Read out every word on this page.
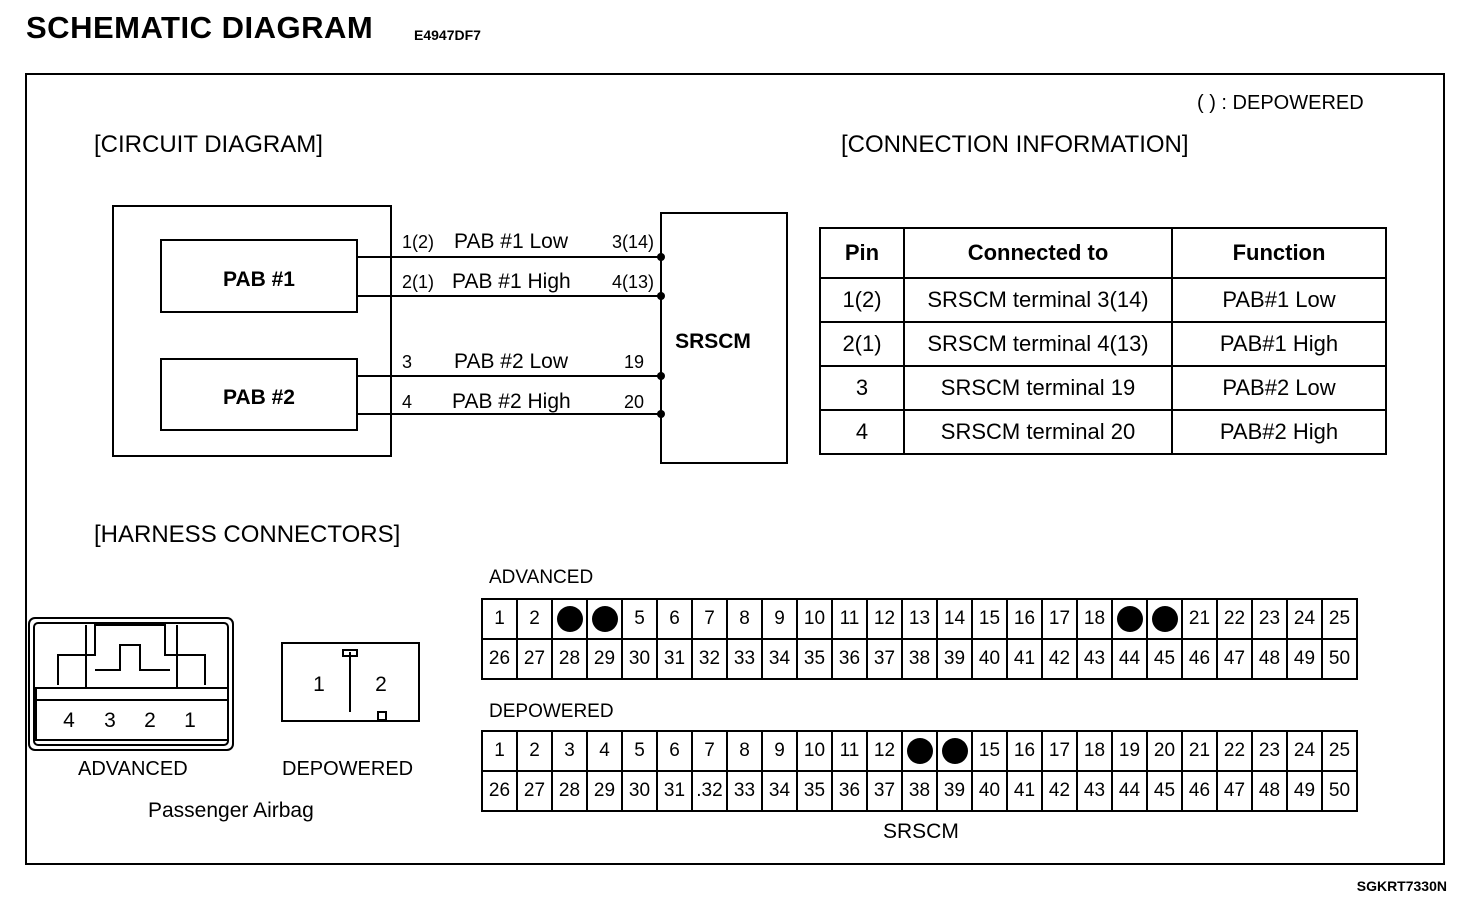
SCHEMATIC DIAGRAM	E4947DF7
( ) : DEPOWERED
[CIRCUIT DIAGRAM]	[CONNECTION INFORMATION]
[HARNESS CONNECTORS]
PAB #1
PAB #2
SRSCM
1(2) PAB #1 Low 3(14)
2(1) PAB #1 High 4(13)
3 PAB #2 Low	19
4 PAB #2 High	20
4 3 2 1
1 2
Pin	Connected to	Function
1(2)	SRSCM terminal 3(14)	PAB#1 Low
2(1)	SRSCM terminal 4(13)	PAB#1 High
3	SRSCM terminal 19	PAB#2 Low
4	SRSCM terminal 20	PAB#2 High
ADVANCED	DEPOWERED
Passenger Airbag
ADVANCED
1	2			5	6	7	8	9	10	11	12	13	14	15	16	17	18			21	22	23	24	25
26	27	28	29	30	31	32	33	34	35	36	37	38	39	40	41	42	43	44	45	46	47	48	49	50
DEPOWERED
1	2	3	4	5	6	7	8	9	10	11	12			15	16	17	18	19	20	21	22	23	24	25
26	27	28	29	30	31	.32	33	34	35	36	37	38	39	40	41	42	43	44	45	46	47	48	49	50
SRSCM
SGKRT7330N
